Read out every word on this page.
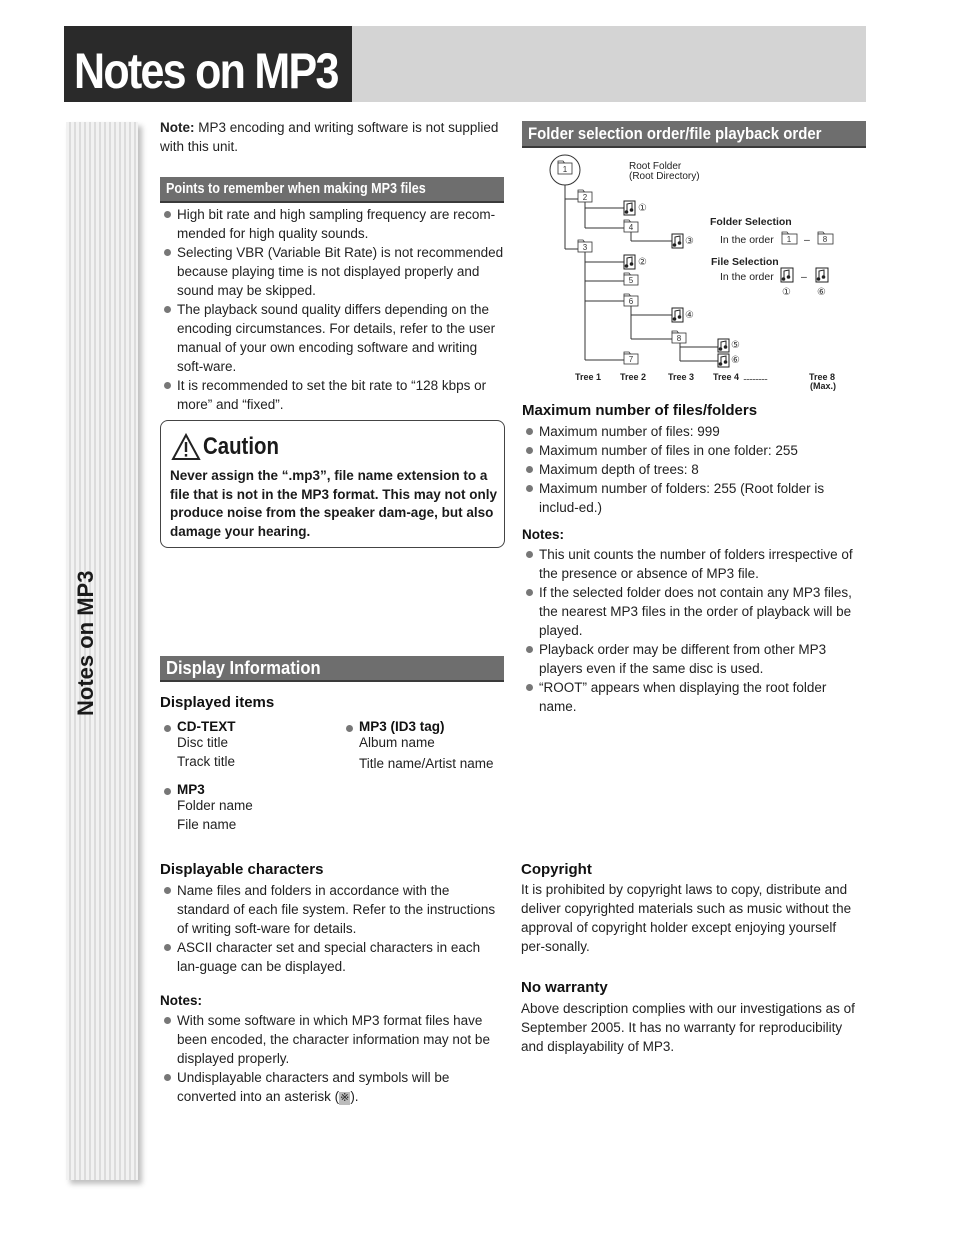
Notes on MP3
Notes on MP3
Note: MP3 encoding and writing software is not supplied with this unit.
Points to remember when making MP3 files
High bit rate and high sampling frequency are recom-mended for high quality sounds.
Selecting VBR (Variable Bit Rate) is not recommended because playing time is not displayed properly and sound may be skipped.
The playback sound quality differs depending on the encoding circumstances. For details, refer to the user manual of your own encoding software and writing soft-ware.
It is recommended to set the bit rate to “128 kbps or more” and “fixed”.
Caution
Never assign the “.mp3”, file name extension to a file that is not in the MP3 format. This may not only produce noise from the speaker dam-age, but also damage your hearing.
Folder selection order/file playback order
1
2
3
4
5
6
7
8
1	8
①
②
③
④
⑤
⑥
①	⑥
Root Folder
(Root Directory)
Folder Selection
In the order	–
File Selection
In the order	–
Tree 1 Tree 2 Tree 3 Tree 4 ................	Tree 8
(Max.)
Maximum number of files/folders
Maximum number of files: 999
Maximum number of files in one folder: 255
Maximum depth of trees: 8
Maximum number of folders: 255 (Root folder is includ-ed.)
Notes:
This unit counts the number of folders irrespective of the presence or absence of MP3 file.
If the selected folder does not contain any MP3 files, the nearest MP3 files in the order of playback will be played.
Playback order may be different from other MP3 players even if the same disc is used.
“ROOT” appears when displaying the root folder name.
Display Information
Displayed items
CD-TEXT
Disc title
Track title
MP3
Folder name
File name
MP3 (ID3 tag)
Album name
Title name/Artist name
Displayable characters
Name files and folders in accordance with the standard of each file system. Refer to the instructions of writing soft-ware for details.
ASCII character set and special characters in each lan-guage can be displayed.
Notes:
With some software in which MP3 format files have been encoded, the character information may not be displayed properly.
Undisplayable characters and symbols will be converted into an asterisk (※).
Copyright
It is prohibited by copyright laws to copy, distribute and deliver copyrighted materials such as music without the approval of copyright holder except enjoying yourself per-sonally.
No warranty
Above description complies with our investigations as of September 2005. It has no warranty for reproducibility and displayability of MP3.
